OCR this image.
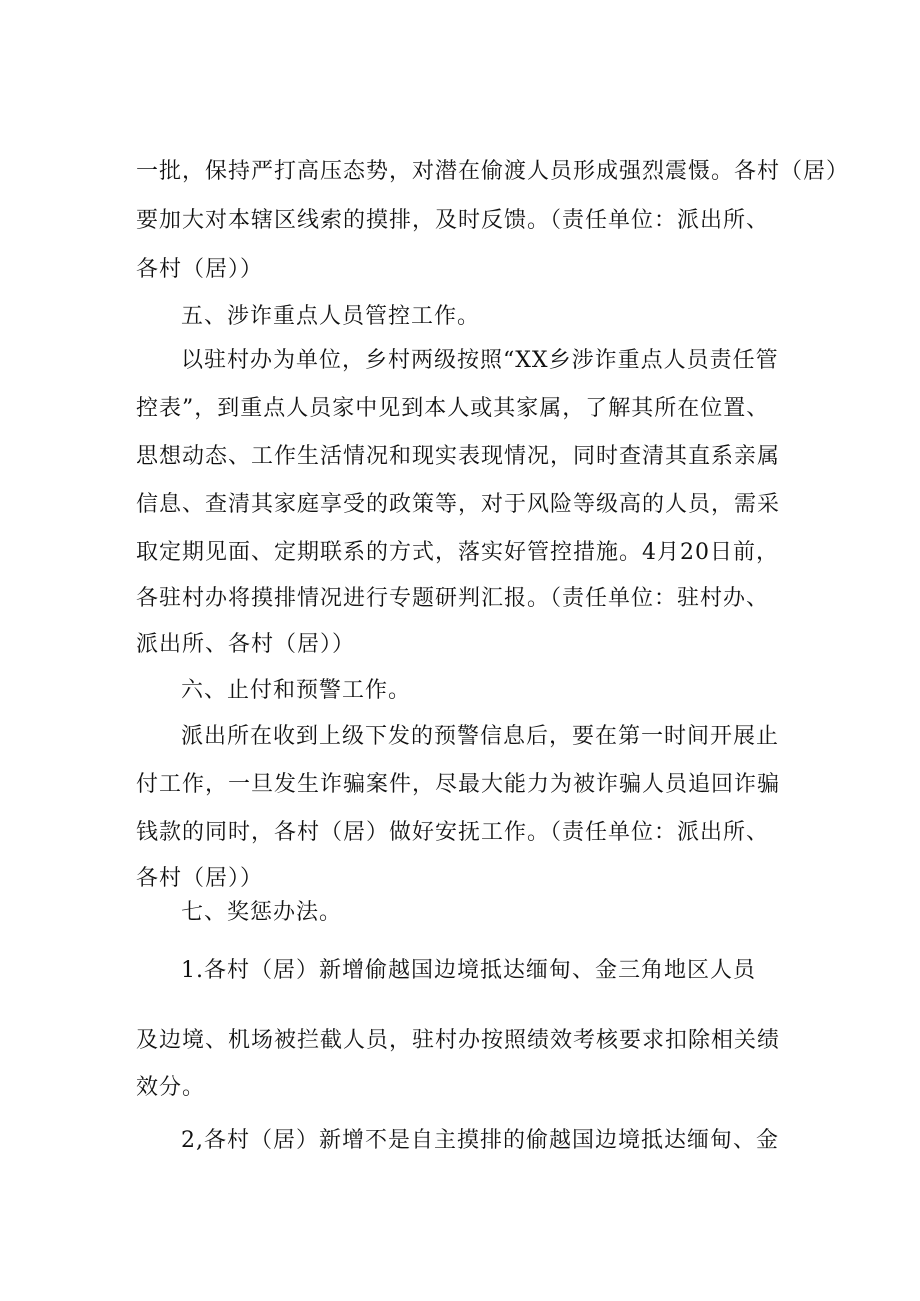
一批，保持严打高压态势，对潜在偷渡人员形成强烈震慑。各村（居）
要加大对本辖区线索的摸排，及时反馈。（责任单位：派出所、
各村（居））
五、涉诈重点人员管控工作。
以驻村办为单位，乡村两级按照“XX乡涉诈重点人员责任管
控表”，到重点人员家中见到本人或其家属，了解其所在位置、
思想动态、工作生活情况和现实表现情况，同时查清其直系亲属
信息、查清其家庭享受的政策等，对于风险等级高的人员，需采
取定期见面、定期联系的方式，落实好管控措施。4月20日前，
各驻村办将摸排情况进行专题研判汇报。（责任单位：驻村办、
派出所、各村（居））
六、止付和预警工作。
派出所在收到上级下发的预警信息后，要在第一时间开展止
付工作，一旦发生诈骗案件，尽最大能力为被诈骗人员追回诈骗
钱款的同时，各村（居）做好安抚工作。（责任单位：派出所、
各村（居））
七、奖惩办法。
1.各村（居）新增偷越国边境抵达缅甸、金三角地区人员
及边境、机场被拦截人员，驻村办按照绩效考核要求扣除相关绩
效分。
2,各村（居）新增不是自主摸排的偷越国边境抵达缅甸、金
